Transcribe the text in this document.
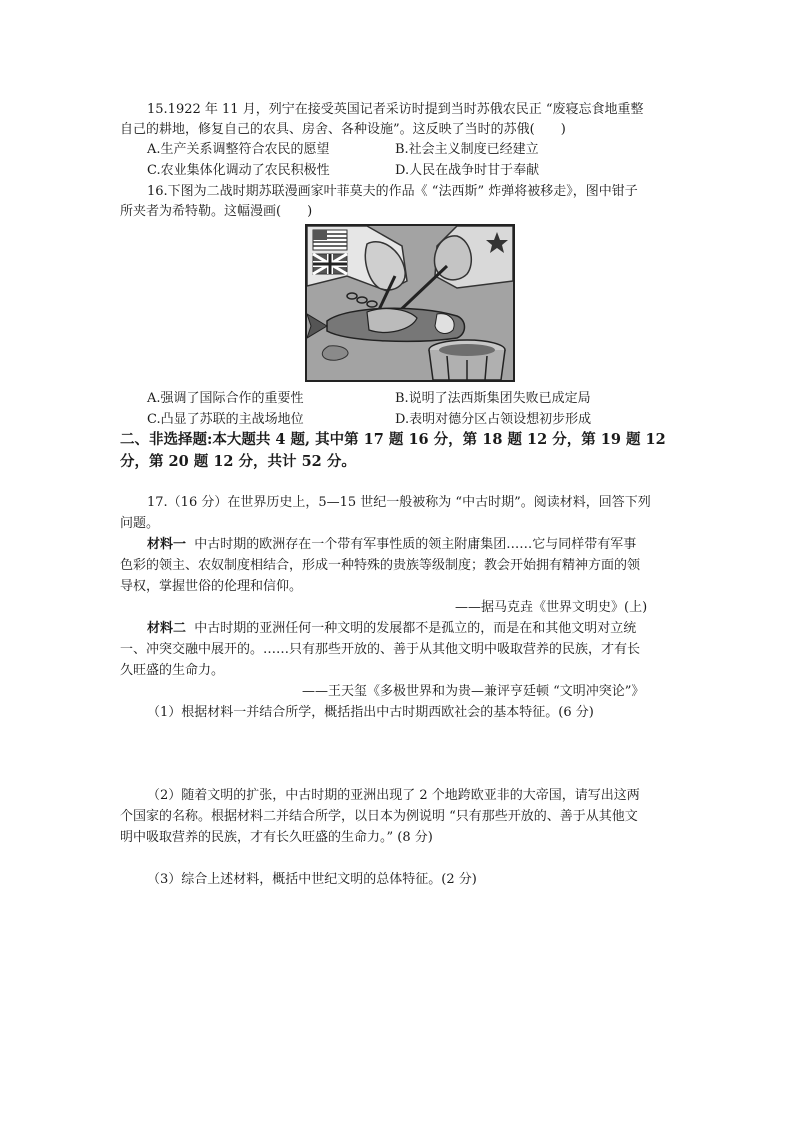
15.1922 年 11 月，列宁在接受英国记者采访时提到当时苏俄农民正 “废寝忘食地重整
自己的耕地，修复自己的农具、房舍、各种设施”。这反映了当时的苏俄(　　)
A.生产关系调整符合农民的愿望	B.社会主义制度已经建立
C.农业集体化调动了农民积极性	D.人民在战争时甘于奉献
16.下图为二战时期苏联漫画家叶菲莫夫的作品《 “法西斯” 炸弹将被移走》，图中钳子
所夹者为希特勒。这幅漫画(　　)
A.强调了国际合作的重要性	B.说明了法西斯集团失败已成定局
C.凸显了苏联的主战场地位	D.表明对德分区占领设想初步形成
二、非选择题:本大题共 4 题, 其中第 17 题 16 分，第 18 题 12 分，第 19 题 12
分，第 20 题 12 分，共计 52 分。
17.（16 分）在世界历史上，5—15 世纪一般被称为 “中古时期”。阅读材料，回答下列
问题。
材料一 中古时期的欧洲存在一个带有军事性质的领主附庸集团……它与同样带有军事
色彩的领主、农奴制度相结合，形成一种特殊的贵族等级制度；教会开始拥有精神方面的领
导权，掌握世俗的伦理和信仰。
——据马克垚《世界文明史》(上)
材料二 中古时期的亚洲任何一种文明的发展都不是孤立的，而是在和其他文明对立统
一、冲突交融中展开的。……只有那些开放的、善于从其他文明中吸取营养的民族，才有长
久旺盛的生命力。
——王天玺《多极世界和为贵—兼评亨廷顿 “文明冲突论”》
（1）根据材料一并结合所学，概括指出中古时期西欧社会的基本特征。(6 分)
（2）随着文明的扩张，中古时期的亚洲出现了 2 个地跨欧亚非的大帝国，请写出这两
个国家的名称。根据材料二并结合所学，以日本为例说明 “只有那些开放的、善于从其他文
明中吸取营养的民族，才有长久旺盛的生命力。” (8 分)
（3）综合上述材料，概括中世纪文明的总体特征。(2 分)
